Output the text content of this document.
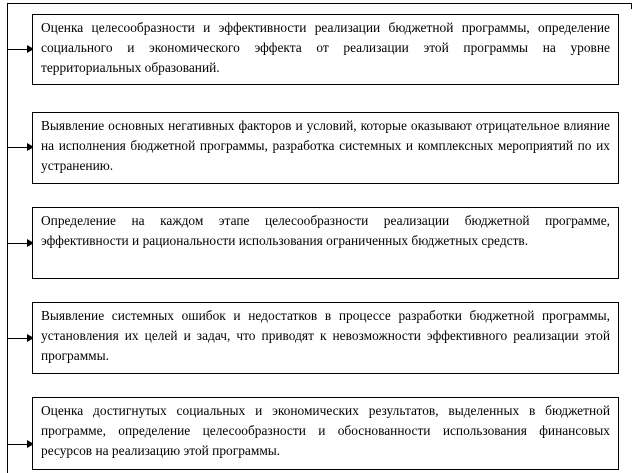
Оценка целесообразности и эффективности реализации бюджетной программы, определение социального и экономического эффекта от реализации этой программы на уровне территориальных образований.
Выявление основных негативных факторов и условий, которые оказывают отрицательное влияние на исполнения бюджетной программы, разработка системных и комплексных мероприятий по их устранению.
Определение на каждом этапе целесообразности реализации бюджетной программе, эффективности и рациональности использования ограниченных бюджетных средств.
Выявление системных ошибок и недостатков в процессе разработки бюджетной программы, установления их целей и задач, что приводят к невозможности эффективного реализации этой программы.
Оценка достигнутых социальных и экономических результатов, выделенных в бюджетной программе, определение целесообразности и обоснованности использования финансовых ресурсов на реализацию этой программы.
